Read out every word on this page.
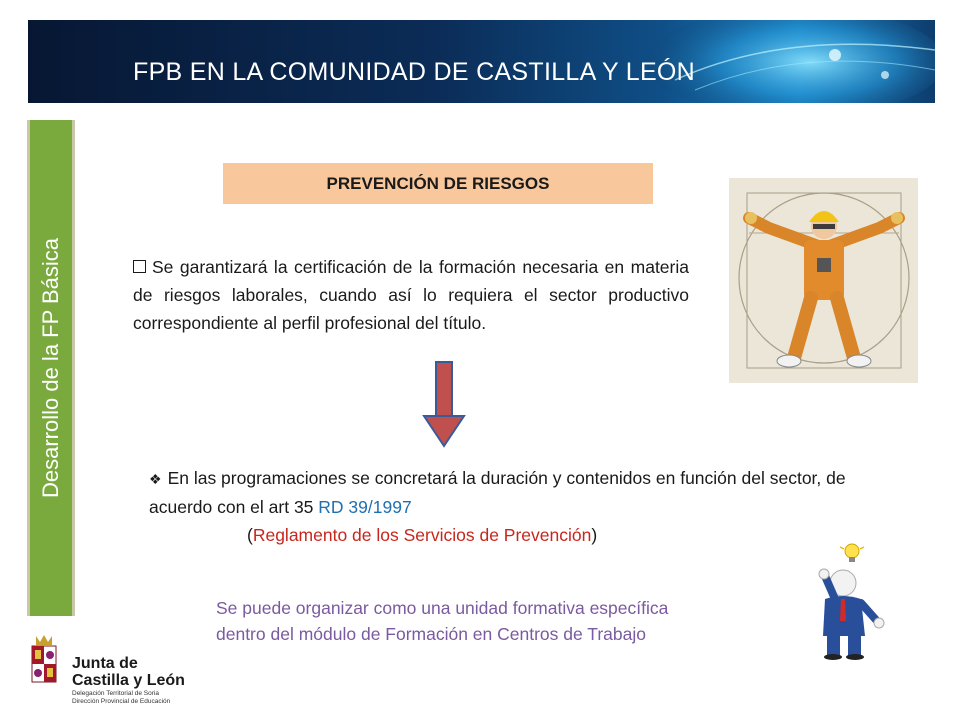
FPB EN LA COMUNIDAD DE CASTILLA Y LEÓN
Desarrollo de la FP Básica
PREVENCIÓN DE RIESGOS
Se garantizará la certificación de la formación necesaria en materia de riesgos laborales, cuando así lo requiera el sector productivo correspondiente al perfil profesional del título.
❖ En las programaciones se concretará la duración y contenidos en función del sector, de acuerdo con el art 35 RD 39/1997
(Reglamento de los Servicios de Prevención)
Se puede organizar como una unidad formativa específica
dentro del módulo de Formación en Centros de Trabajo
Junta de
Castilla y León
Delegación Territorial de Soria
Dirección Provincial de Educación
